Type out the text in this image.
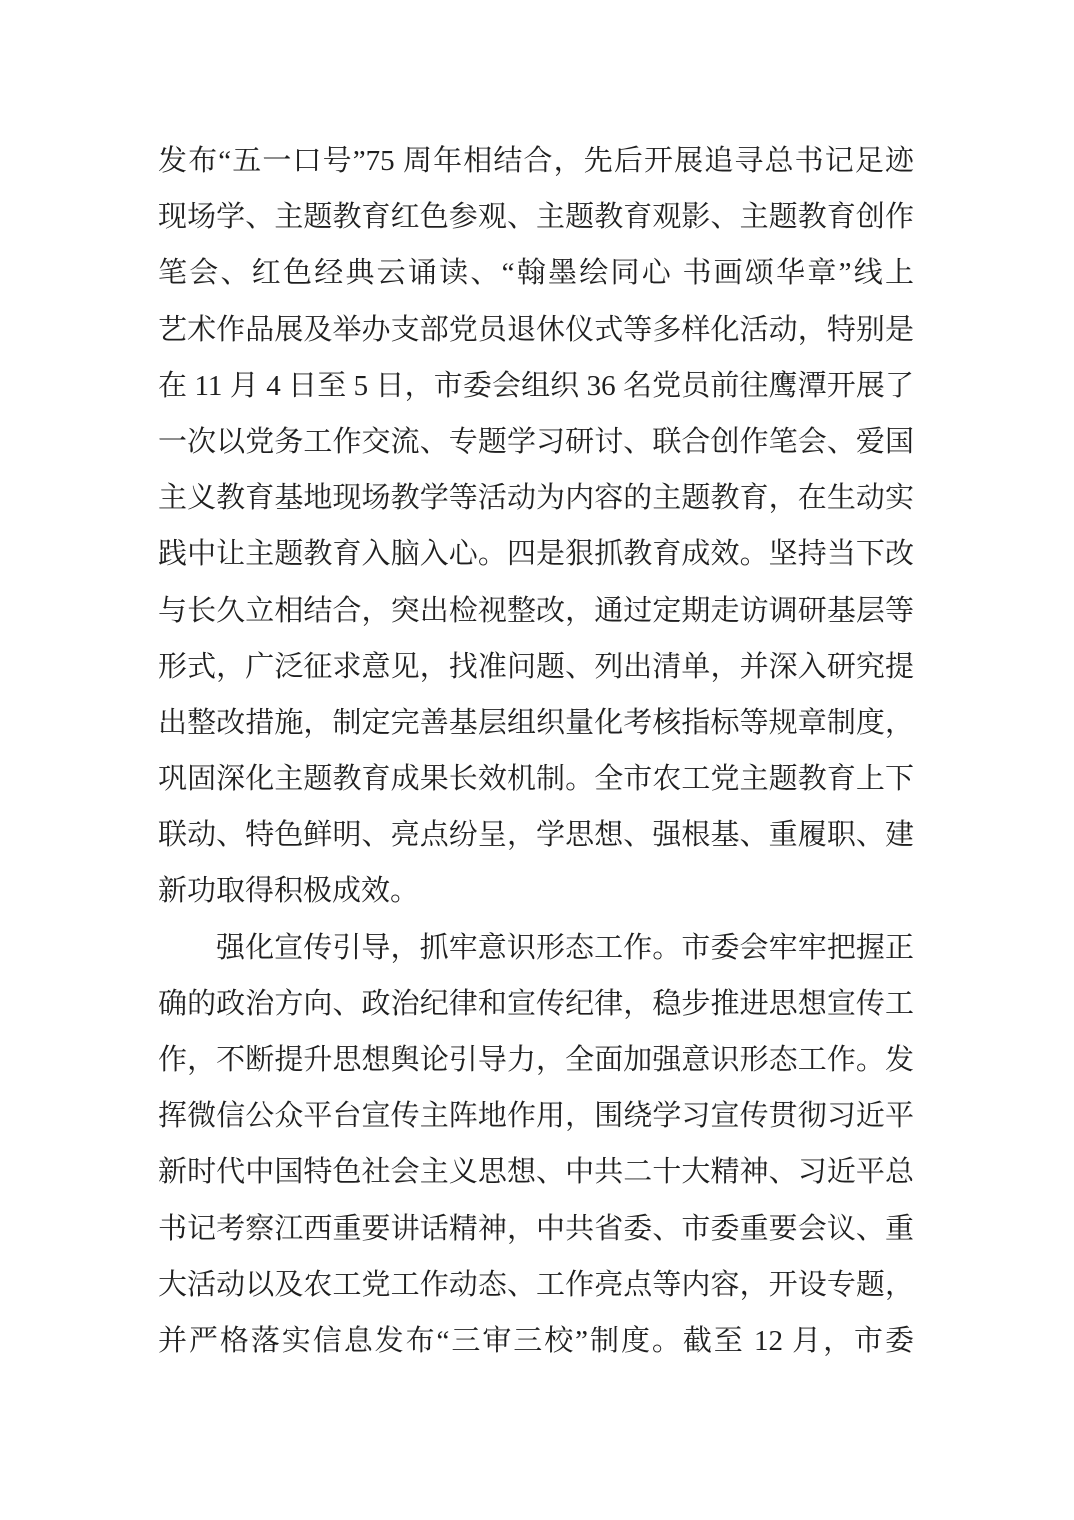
发布“五一口号”75 周年相结合，先后开展追寻总书记足迹
现场学、主题教育红色参观、主题教育观影、主题教育创作
笔会、红色经典云诵读、“翰墨绘同心 书画颂华章”线上
艺术作品展及举办支部党员退休仪式等多样化活动，特别是
在 11 月 4 日至 5 日，市委会组织 36 名党员前往鹰潭开展了
一次以党务工作交流、专题学习研讨、联合创作笔会、爱国
主义教育基地现场教学等活动为内容的主题教育，在生动实
践中让主题教育入脑入心。四是狠抓教育成效。坚持当下改
与长久立相结合，突出检视整改，通过定期走访调研基层等
形式，广泛征求意见，找准问题、列出清单，并深入研究提
出整改措施，制定完善基层组织量化考核指标等规章制度，
巩固深化主题教育成果长效机制。全市农工党主题教育上下
联动、特色鲜明、亮点纷呈，学思想、强根基、重履职、建
新功取得积极成效。
强化宣传引导，抓牢意识形态工作。市委会牢牢把握正
确的政治方向、政治纪律和宣传纪律，稳步推进思想宣传工
作，不断提升思想舆论引导力，全面加强意识形态工作。发
挥微信公众平台宣传主阵地作用，围绕学习宣传贯彻习近平
新时代中国特色社会主义思想、中共二十大精神、习近平总
书记考察江西重要讲话精神，中共省委、市委重要会议、重
大活动以及农工党工作动态、工作亮点等内容，开设专题，
并严格落实信息发布“三审三校”制度。截至 12 月，市委
